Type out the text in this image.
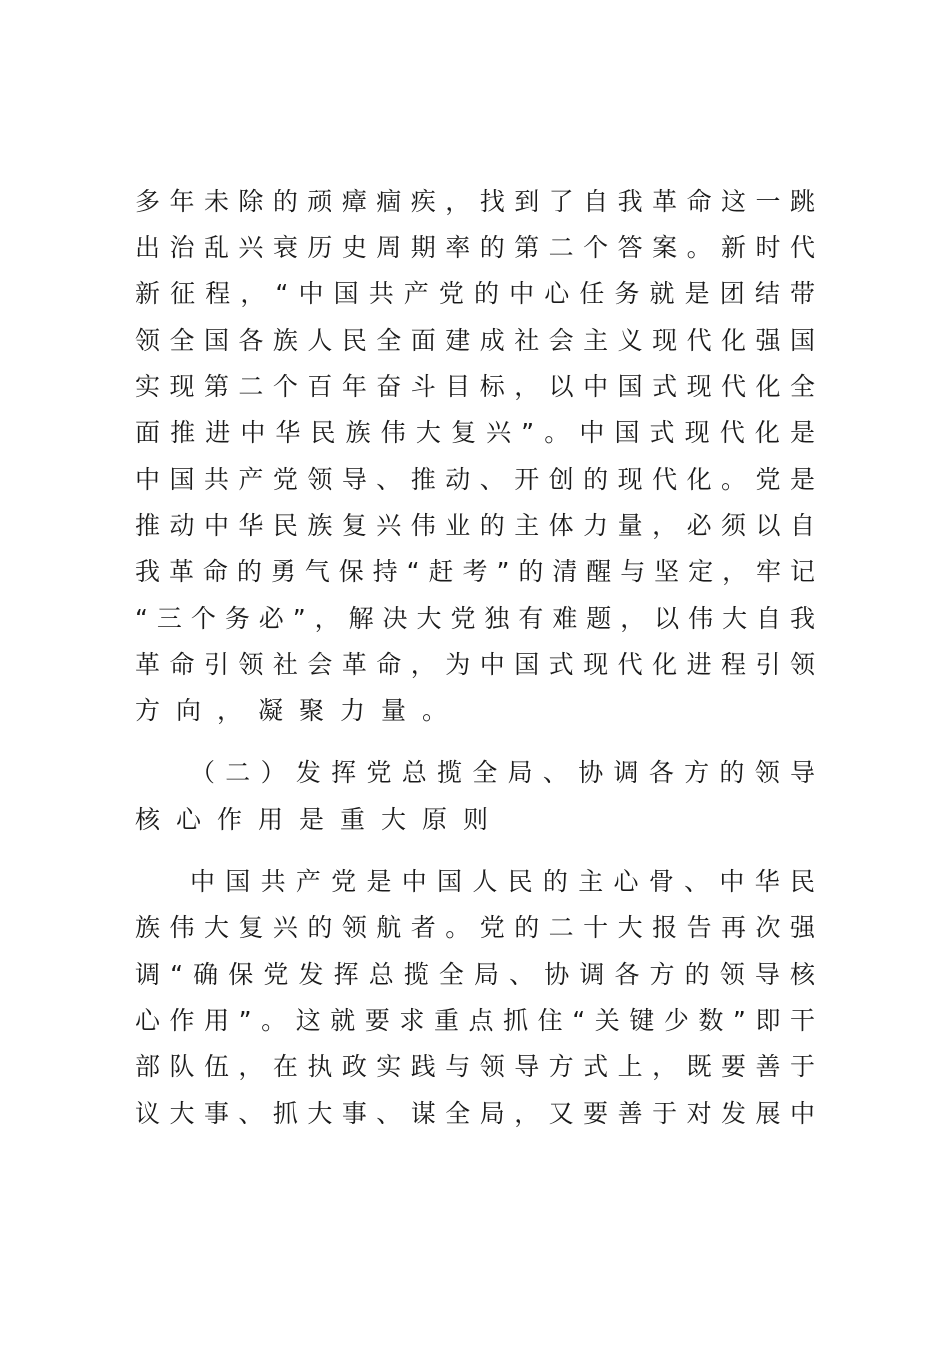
多年未除的顽瘴痼疾，找到了自我革命这一跳
出治乱兴衰历史周期率的第二个答案。新时代
新征程，“中国共产党的中心任务就是团结带
领全国各族人民全面建成社会主义现代化强国
实现第二个百年奋斗目标，以中国式现代化全
面推进中华民族伟大复兴”。中国式现代化是
中国共产党领导、推动、开创的现代化。党是
推动中华民族复兴伟业的主体力量，必须以自
我革命的勇气保持“赶考”的清醒与坚定，牢记
“三个务必”，解决大党独有难题，以伟大自我
革命引领社会革命，为中国式现代化进程引领
方向，凝聚力量。
（二）发挥党总揽全局、协调各方的领导
核心作用是重大原则
中国共产党是中国人民的主心骨、中华民
族伟大复兴的领航者。党的二十大报告再次强
调“确保党发挥总揽全局、协调各方的领导核
心作用”。这就要求重点抓住“关键少数”即干
部队伍，在执政实践与领导方式上，既要善于
议大事、抓大事、谋全局，又要善于对发展中
